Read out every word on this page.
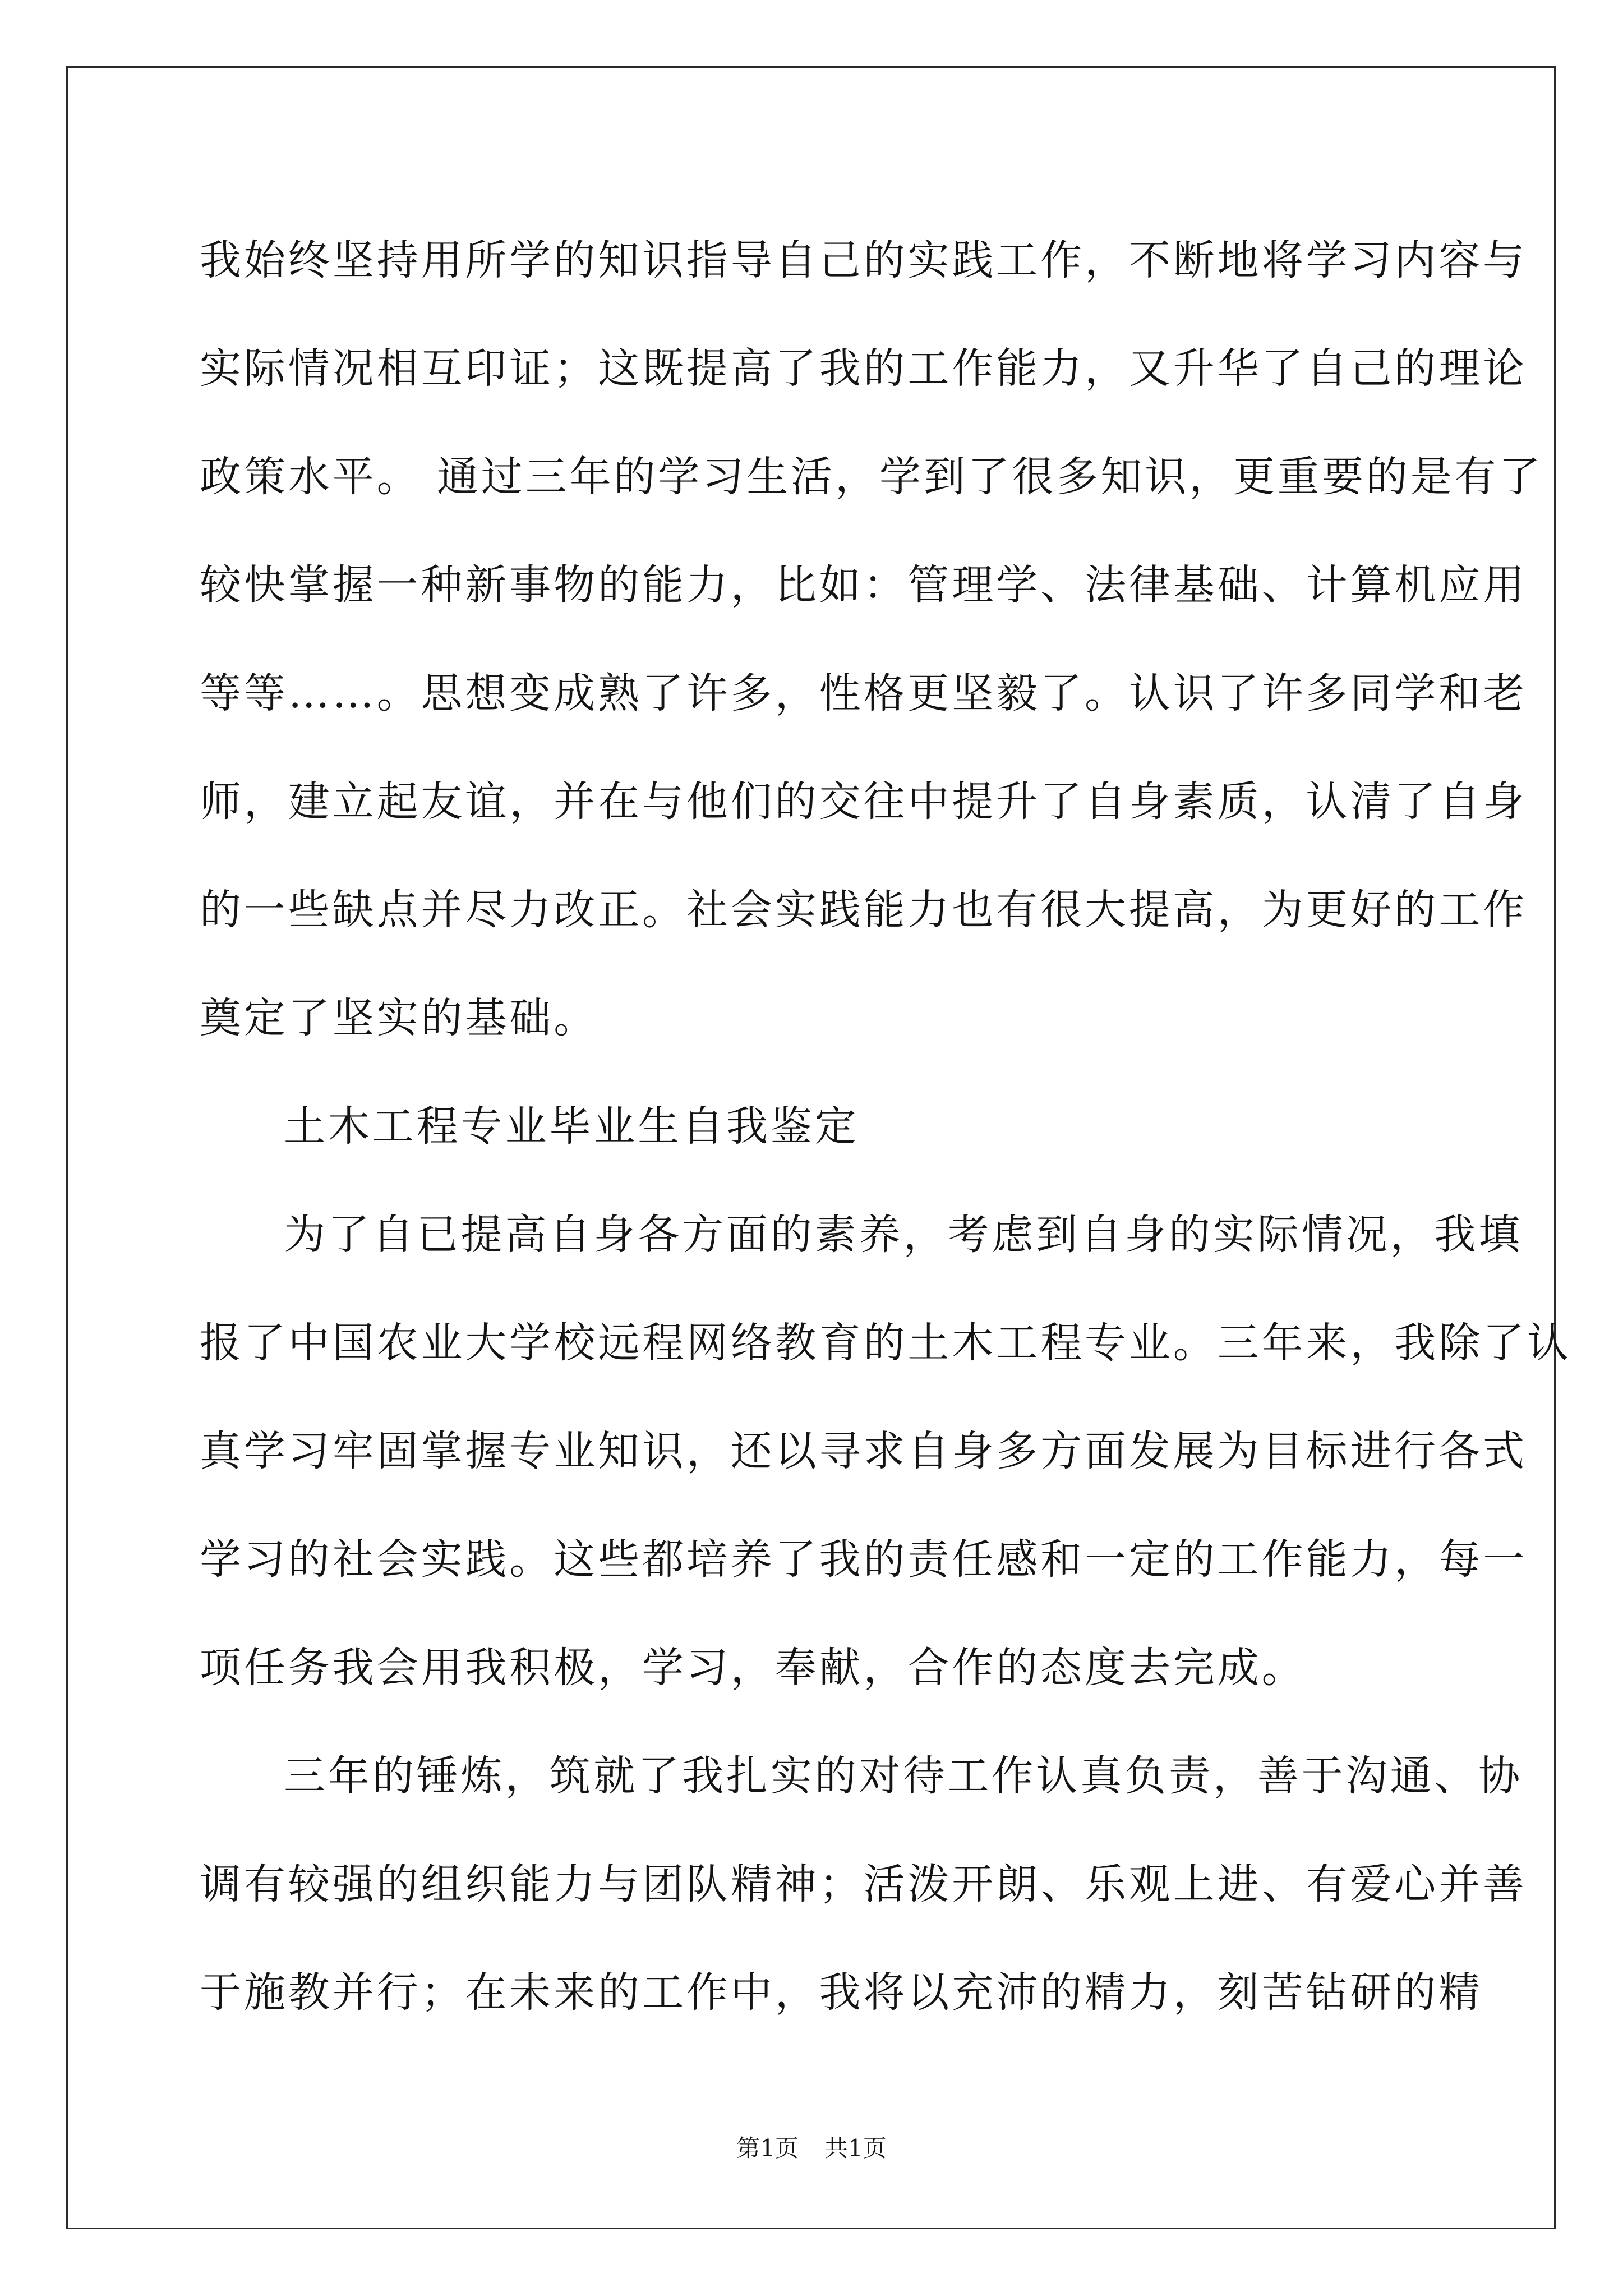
我始终坚持用所学的知识指导自己的实践工作，不断地将学习内容与
实际情况相互印证；这既提高了我的工作能力，又升华了自己的理论
政策水平。 通过三年的学习生活，学到了很多知识，更重要的是有了
较快掌握一种新事物的能力，比如：管理学、法律基础、计算机应用
等等……。思想变成熟了许多，性格更坚毅了。认识了许多同学和老
师，建立起友谊，并在与他们的交往中提升了自身素质，认清了自身
的一些缺点并尽力改正。社会实践能力也有很大提高，为更好的工作
奠定了坚实的基础。
土木工程专业毕业生自我鉴定
为了自已提高自身各方面的素养，考虑到自身的实际情况，我填
报了中国农业大学校远程网络教育的土木工程专业。三年来，我除了认
真学习牢固掌握专业知识，还以寻求自身多方面发展为目标进行各式
学习的社会实践。这些都培养了我的责任感和一定的工作能力，每一
项任务我会用我积极，学习，奉献，合作的态度去完成。
三年的锤炼，筑就了我扎实的对待工作认真负责，善于沟通、协
调有较强的组织能力与团队精神；活泼开朗、乐观上进、有爱心并善
于施教并行；在未来的工作中，我将以充沛的精力，刻苦钻研的精
第1页 共1页
